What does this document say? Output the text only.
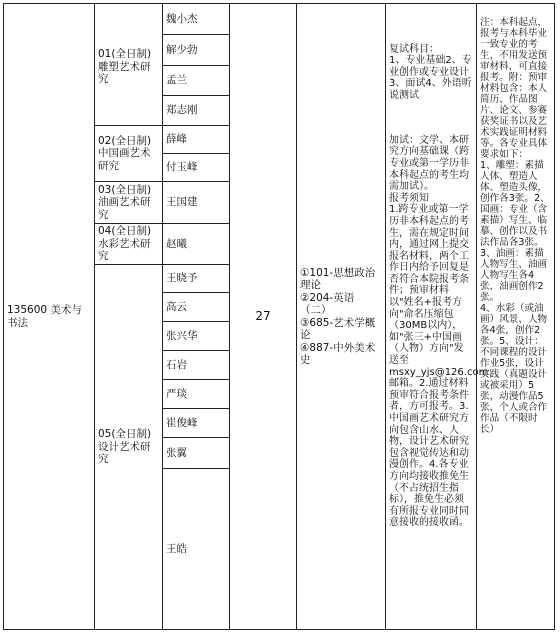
135600 美术与书法
01(全日制)雕塑艺术研究
02(全日制)中国画艺术研究
03(全日制)油画艺术研究
04(全日制)水彩艺术研究
05(全日制)设计艺术研究
魏小杰
解少勃
孟兰
郑志刚
薛峰
付玉峰
王国建
赵曦
王晓予
高云
张兴华
石岩
严琰
崔俊峰
张翼
王皓
27
①101-思想政治理论
②204-英语（二）
③685-艺术学概论
④887-中外美术史

复试科目：
1、专业基础2、专业创作或专业设计3、面试4、外语听说测试

加试：文学、本研究方向基础课（跨专业或第一学历非本科起点的考生均需加试）。
报考须知
1.跨专业或第一学历非本科起点的考生，需在规定时间内，通过网上提交报名材料，两个工作日内给予回复是否符合本院报考条件；预审材料以"姓名+报考方向"命名压缩包（30MB以内），如"张三+中国画（人物）方向"发送至msxy_yjs@126.com邮箱。2.通过材料预审符合报考条件者，方可报考。3.中国画艺术研究方向包含山水、人物，设计艺术研究包含视觉传达和动漫创作。4.各专业方向均接收推免生（不占统招生指标），推免生必须有所报专业同时同意接收的接收函。

注：本科起点，报考与本科毕业一致专业的考生，不用发送预审材料，可直接报考。附：预审材料包含：本人简历、作品图片、论文、参赛获奖证书以及艺术实践证明材料等。各专业具体要求如下：
1、雕塑：素描人体、塑造人体、塑造头像，创作各3张。2、国画：专业（含素描）写生、临摹、创作以及书法作品各3张。
3、油画：素描人物写生、油画人物写生各4张，油画创作2张。
4、水彩（或油画）风景、人物各4张，创作2张。5、设计：不同课程的设计作业5张，设计实践（真题设计或被采用）5张，动漫作品5张，个人或合作作品（不限时长）
